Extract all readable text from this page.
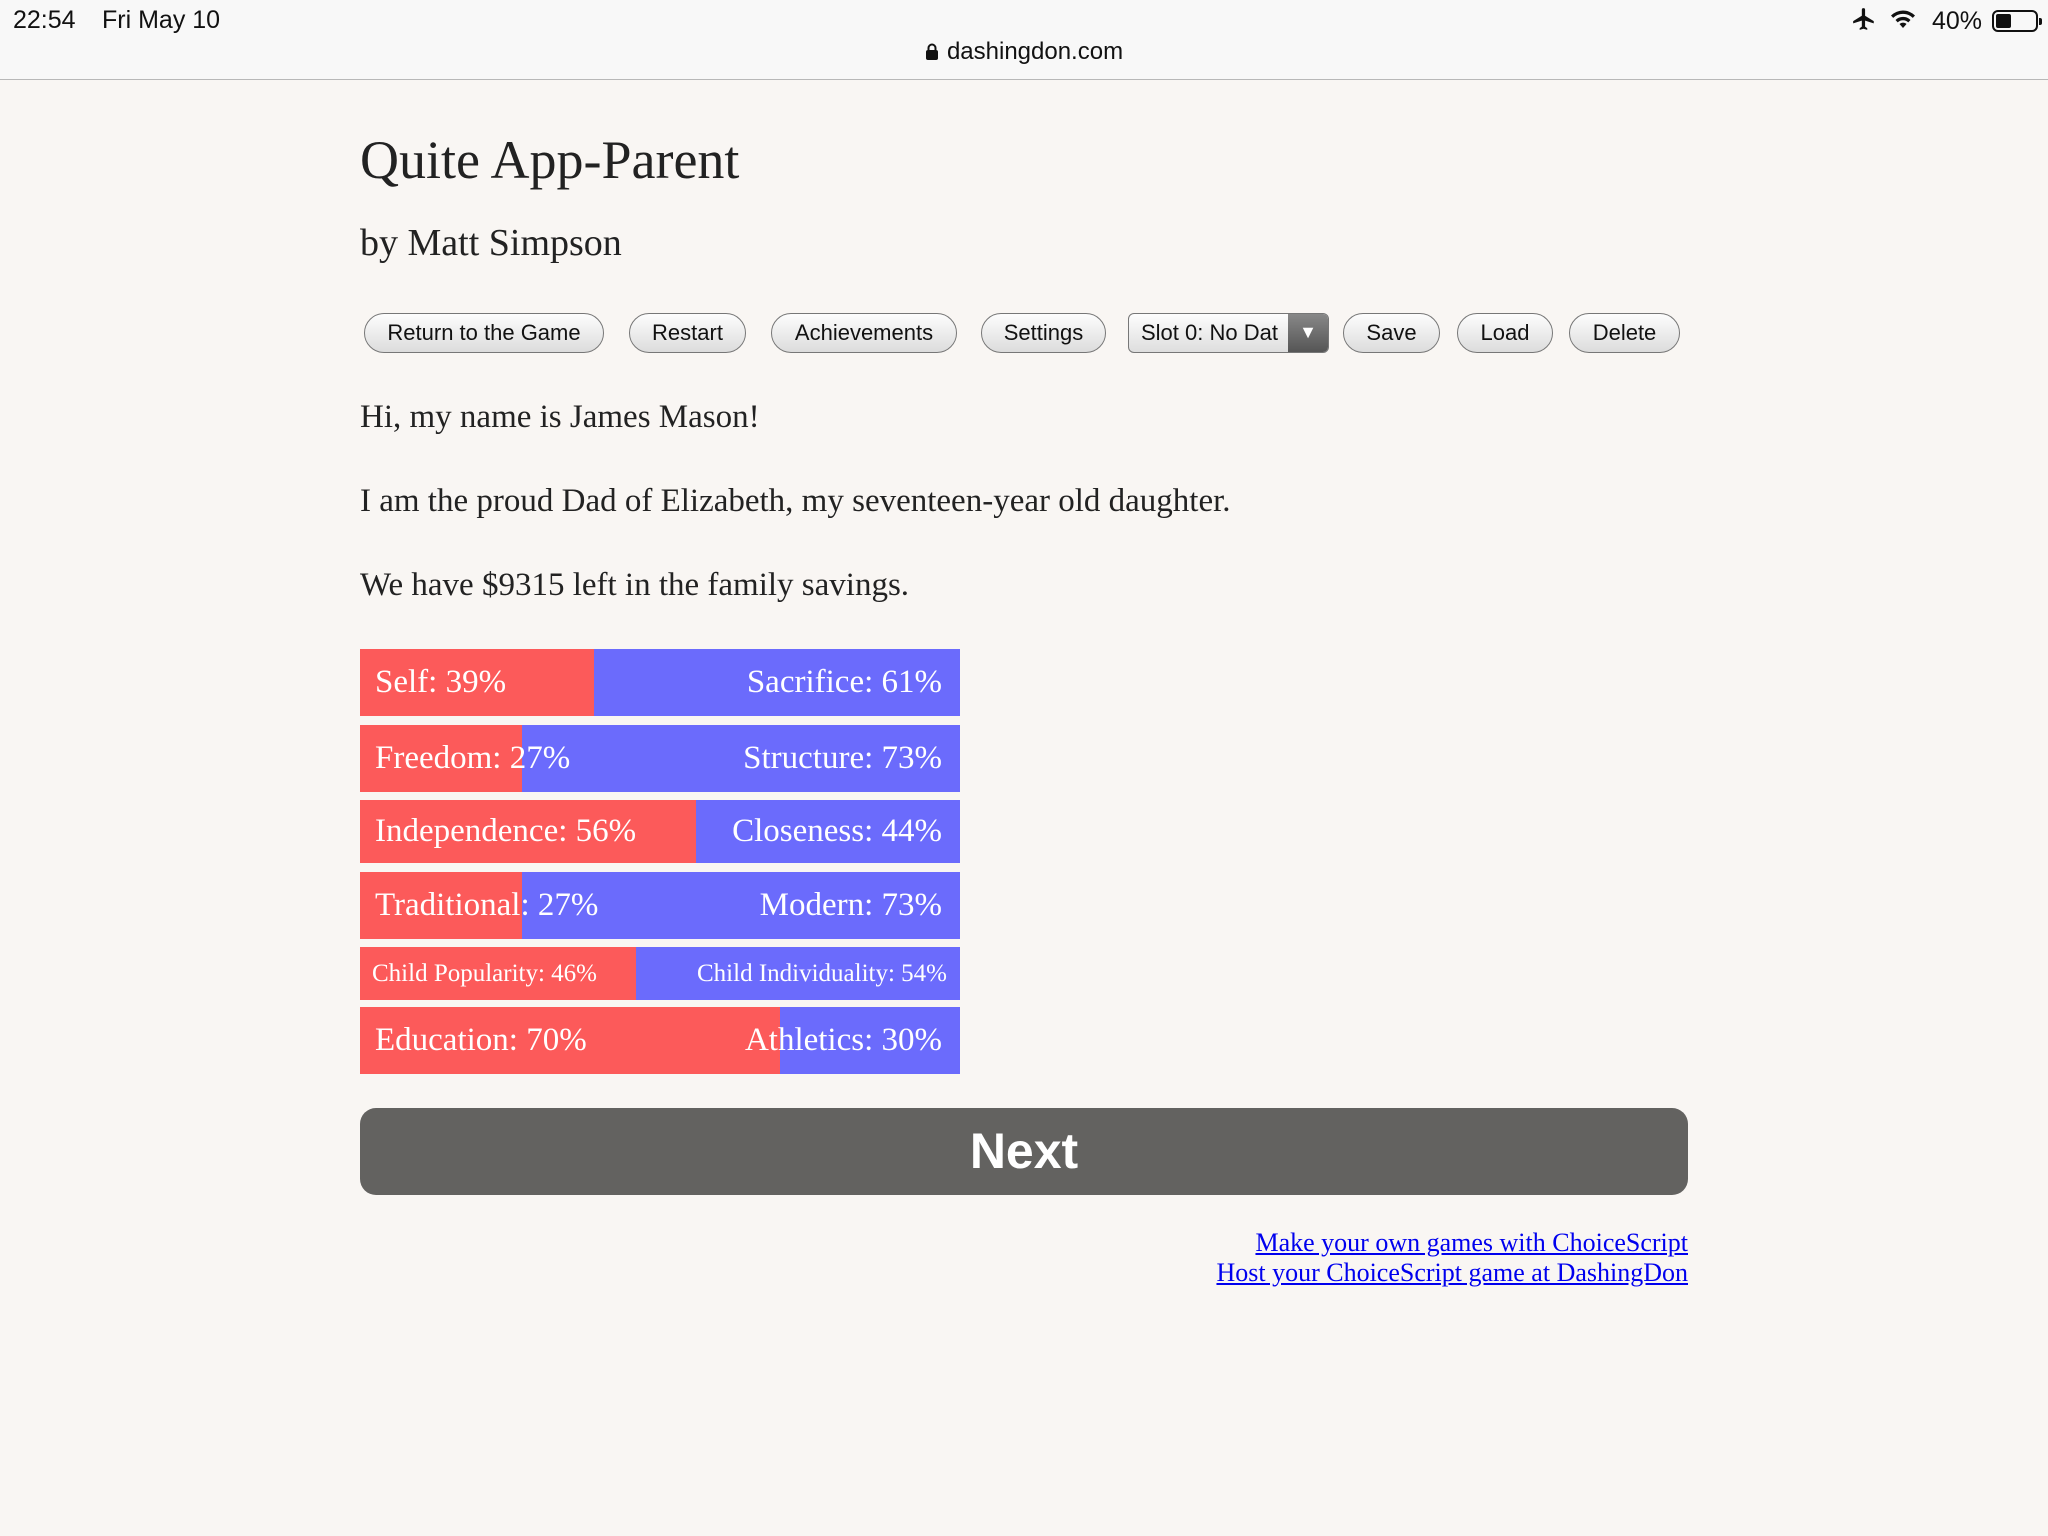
22:54 Fri May 10	40%
dashingdon.com
Quite App-Parent
by Matt Simpson
Return to the Game	Restart	Achievements	Settings	Slot 0: No Dat	▼	Save	Load	Delete

Hi, my name is James Mason!

I am the proud Dad of Elizabeth, my seventeen-year old daughter.

We have $9315 left in the family savings.

Self: 39%	Sacrifice: 61%
Freedom: 27%	Structure: 73%
Independence: 56%	Closeness: 44%
Traditional: 27%	Modern: 73%
Child Popularity: 46%	Child Individuality: 54%
Education: 70%	Athletics: 30%
Next
Make your own games with ChoiceScript
Host your ChoiceScript game at DashingDon
